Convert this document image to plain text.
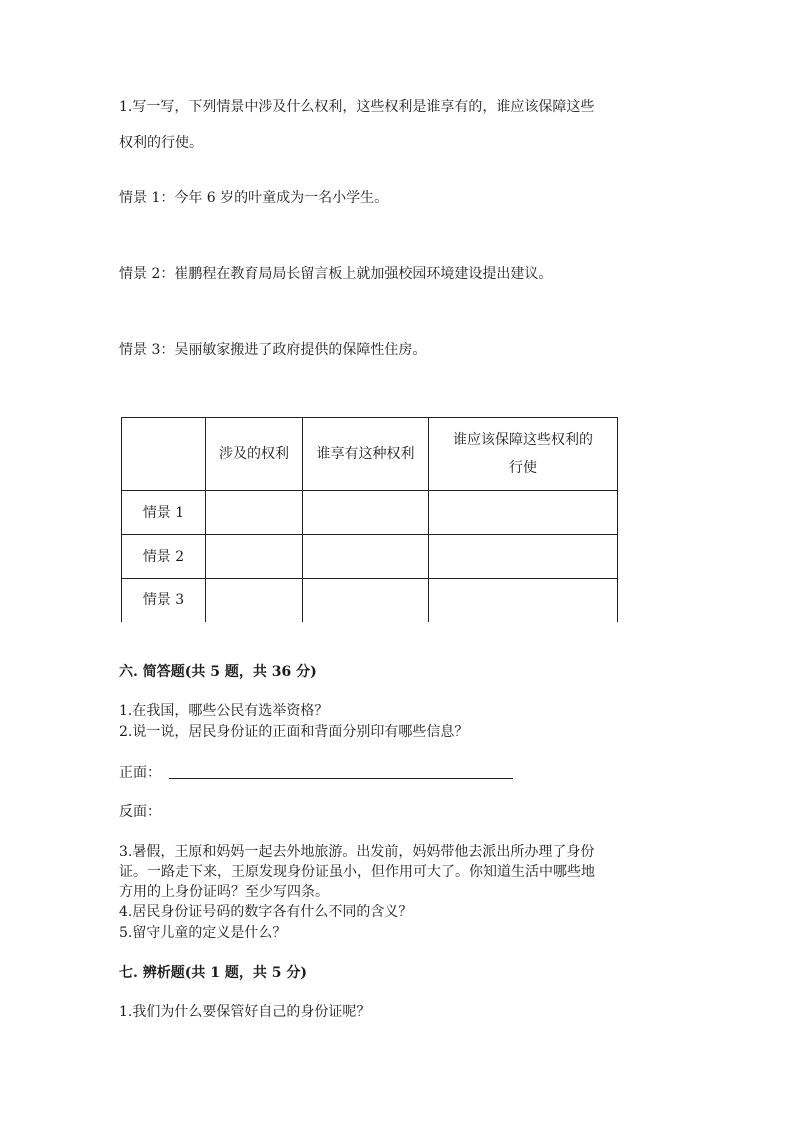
1.写一写，下列情景中涉及什么权利，这些权利是谁享有的，谁应该保障这些

权利的行使。

情景 1：今年 6 岁的叶童成为一名小学生。

情景 2：崔鹏程在教育局局长留言板上就加强校园环境建设提出建议。

情景 3：吴丽敏家搬进了政府提供的保障性住房。

	涉及的权利	谁享有这种权利	谁应该保障这些权利的
行使
情景 1			
情景 2			
情景 3			

六. 简答题(共 5 题，共 36 分)

1.在我国，哪些公民有选举资格？

2.说一说，居民身份证的正面和背面分别印有哪些信息？

正面：

反面：

3.暑假，王原和妈妈一起去外地旅游。出发前，妈妈带他去派出所办理了身份

证。一路走下来，王原发现身份证虽小，但作用可大了。你知道生活中哪些地

方用的上身份证吗？至少写四条。

4.居民身份证号码的数字各有什么不同的含义？

5.留守儿童的定义是什么？

七. 辨析题(共 1 题，共 5 分)

1.我们为什么要保管好自己的身份证呢？
